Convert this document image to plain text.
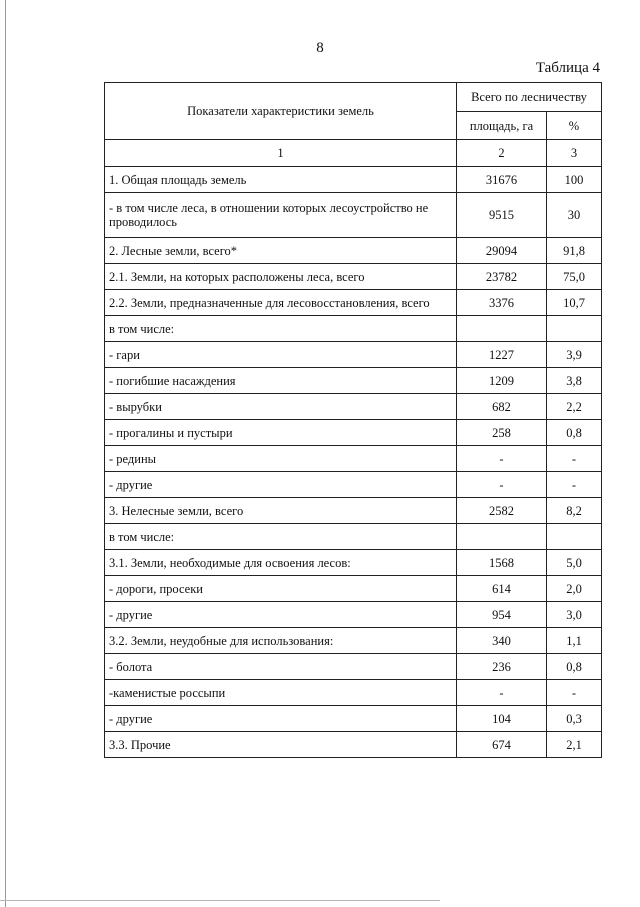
8
Таблица 4
Показатели характеристики земель	Всего по лесничеству	
	площадь, га	%
1	2	3
1. Общая площадь земель	31676	100
- в том числе леса, в отношении которых лесоустройство не проводилось	9515	30
2. Лесные земли, всего*	29094	91,8
2.1. Земли, на которых расположены леса, всего	23782	75,0
2.2. Земли, предназначенные для лесовосстановления, всего	3376	10,7
в том числе:		
- гари	1227	3,9
- погибшие насаждения	1209	3,8
- вырубки	682	2,2
- прогалины и пустыри	258	0,8
- редины	-	-
- другие	-	-
3. Нелесные земли, всего	2582	8,2
в том числе:		
3.1. Земли, необходимые для освоения лесов:	1568	5,0
- дороги, просеки	614	2,0
- другие	954	3,0
3.2. Земли, неудобные для использования:	340	1,1
- болота	236	0,8
-каменистые россыпи	-	-
- другие	104	0,3
3.3. Прочие	674	2,1
